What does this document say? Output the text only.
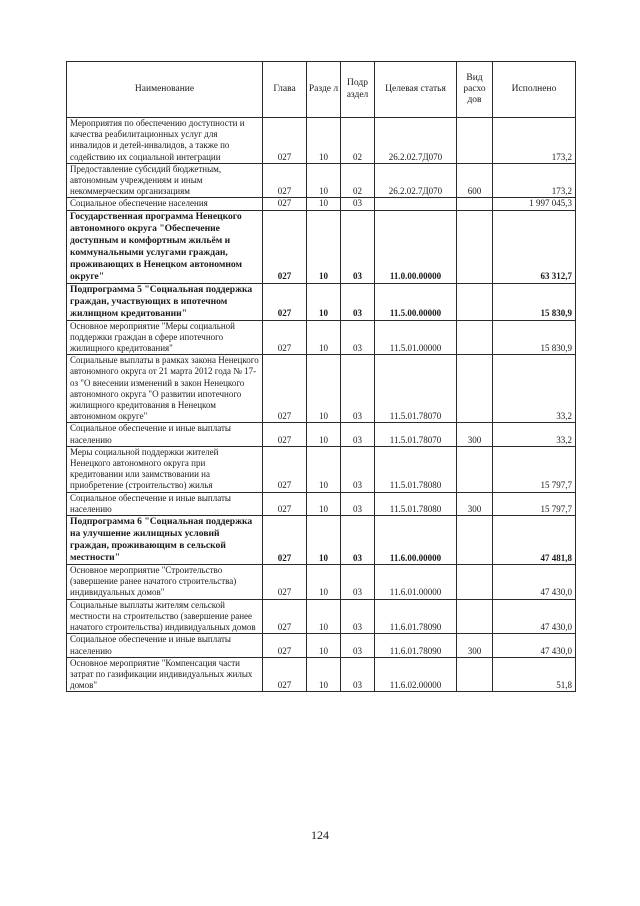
Наименование	Глава	Разде л	Подр аздел	Целевая статья	Вид расхо дов	Исполнено
Мероприятия по обеспечению доступности и качества реабилитационных услуг для инвалидов и детей-инвалидов, а также по содействию их социальной интеграции	027	10	02	26.2.02.7Д070		173,2
Предоставление субсидий бюджетным, автономным учреждениям и иным некоммерческим организациям	027	10	02	26.2.02.7Д070	600	173,2
Социальное обеспечение населения	027	10	03			1 997 045,3
Государственная программа Ненецкого автономного округа "Обеспечение доступным и комфортным жильём и коммунальными услугами граждан, проживающих в Ненецком автономном округе"	027	10	03	11.0.00.00000		63 312,7
Подпрограмма 5 "Социальная поддержка граждан, участвующих в ипотечном жилищном кредитовании"	027	10	03	11.5.00.00000		15 830,9
Основное мероприятие "Меры социальной поддержки граждан в сфере ипотечного жилищного кредитования"	027	10	03	11.5.01.00000		15 830,9
Социальные выплаты в рамках закона Ненецкого автономного округа от 21 марта 2012 года № 17-оз "О внесении изменений в закон Ненецкого автономного округа "О развитии ипотечного жилищного кредитования в Ненецком автономном округе"	027	10	03	11.5.01.78070		33,2
Социальное обеспечение и иные выплаты населению	027	10	03	11.5.01.78070	300	33,2
Меры социальной поддержки жителей Ненецкого автономного округа при кредитовании или заимствовании на приобретение (строительство) жилья	027	10	03	11.5.01.78080		15 797,7
Социальное обеспечение и иные выплаты населению	027	10	03	11.5.01.78080	300	15 797,7
Подпрограмма 6 "Социальная поддержка на улучшение жилищных условий граждан, проживающим в сельской местности"	027	10	03	11.6.00.00000		47 481,8
Основное мероприятие "Строительство (завершение ранее начатого строительства) индивидуальных домов"	027	10	03	11.6.01.00000		47 430,0
Социальные выплаты жителям сельской местности на строительство (завершение ранее начатого строительства) индивидуальных домов	027	10	03	11.6.01.78090		47 430,0
Социальное обеспечение и иные выплаты населению	027	10	03	11.6.01.78090	300	47 430,0
Основное мероприятие "Компенсация части затрат по газификации индивидуальных жилых домов"	027	10	03	11.6.02.00000		51,8
124
